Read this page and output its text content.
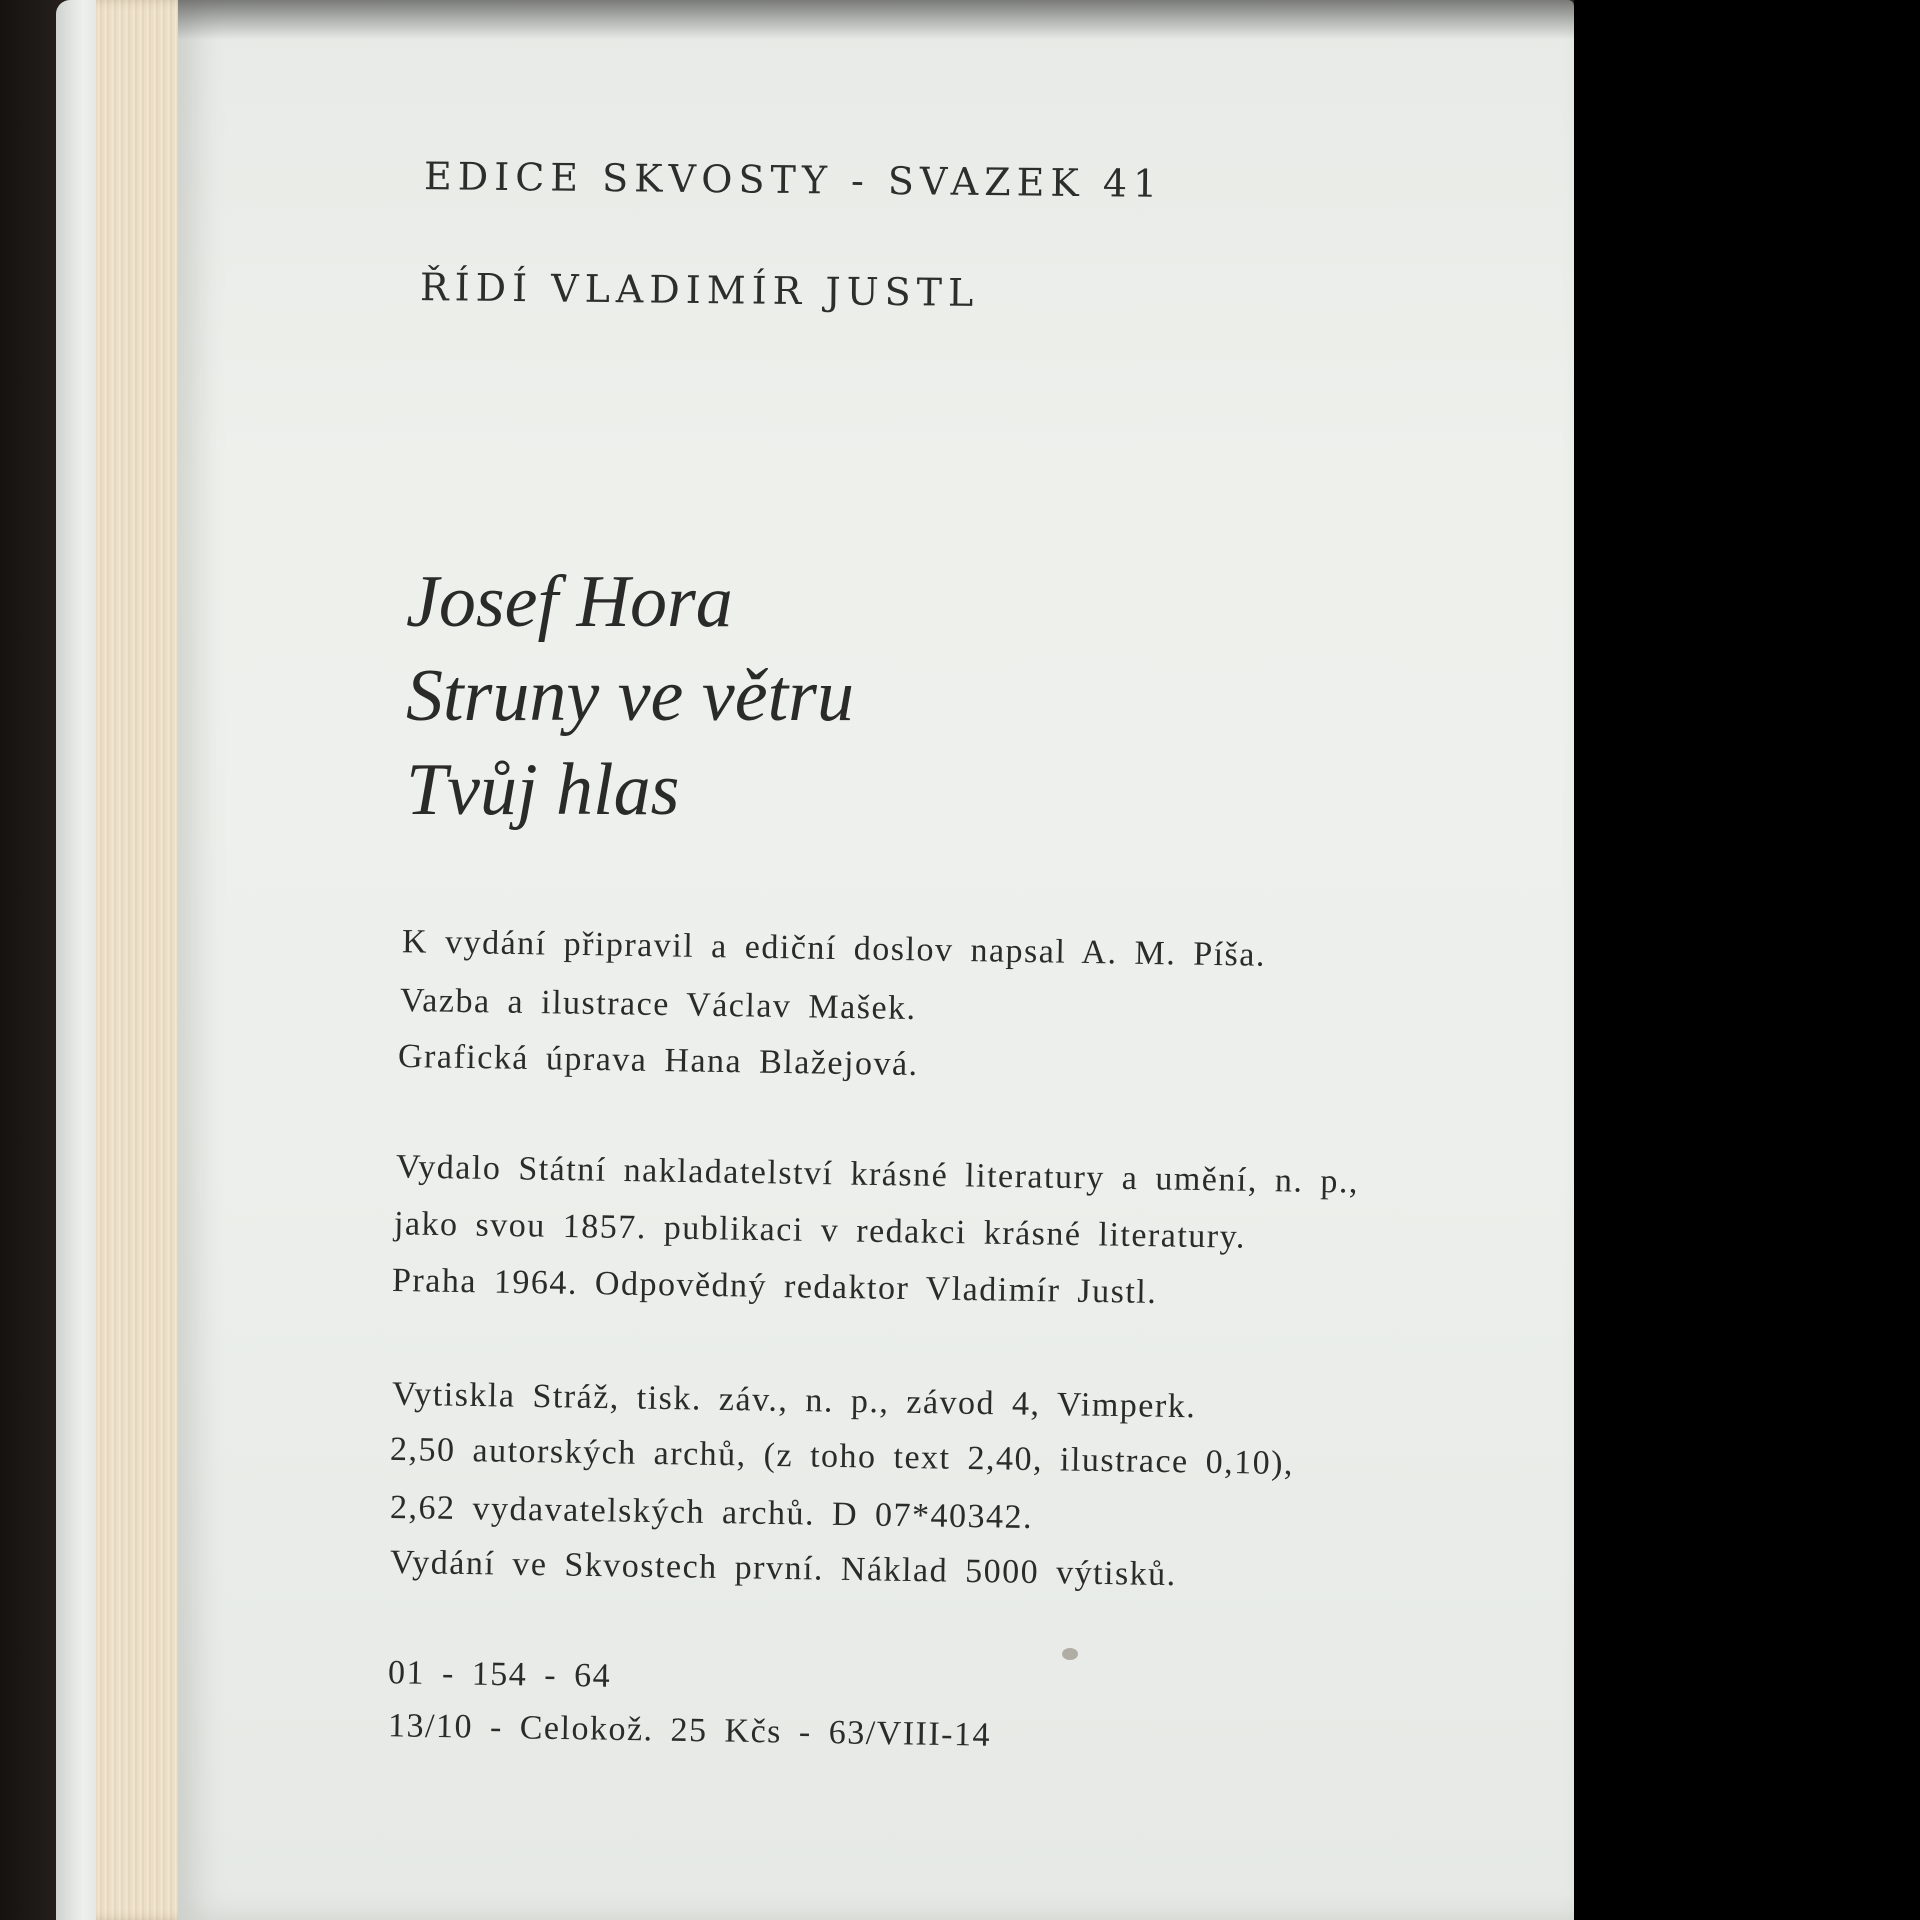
EDICE SKVOSTY - SVAZEK 41
ŘÍDÍ VLADIMÍR JUSTL
Josef Hora
Struny ve větru
Tvůj hlas
K vydání připravil a ediční doslov napsal A. M. Píša.
Vazba a ilustrace Václav Mašek.
Grafická úprava Hana Blažejová.
Vydalo Státní nakladatelství krásné literatury a umění, n. p.,
jako svou 1857. publikaci v redakci krásné literatury.
Praha 1964. Odpovědný redaktor Vladimír Justl.
Vytiskla Stráž, tisk. záv., n. p., závod 4, Vimperk.
2,50 autorských archů, (z toho text 2,40, ilustrace 0,10),
2,62 vydavatelských archů. D 07*40342.
Vydání ve Skvostech první. Náklad 5000 výtisků.
01 - 154 - 64
13/10 - Celokož. 25 Kčs - 63/VIII-14
